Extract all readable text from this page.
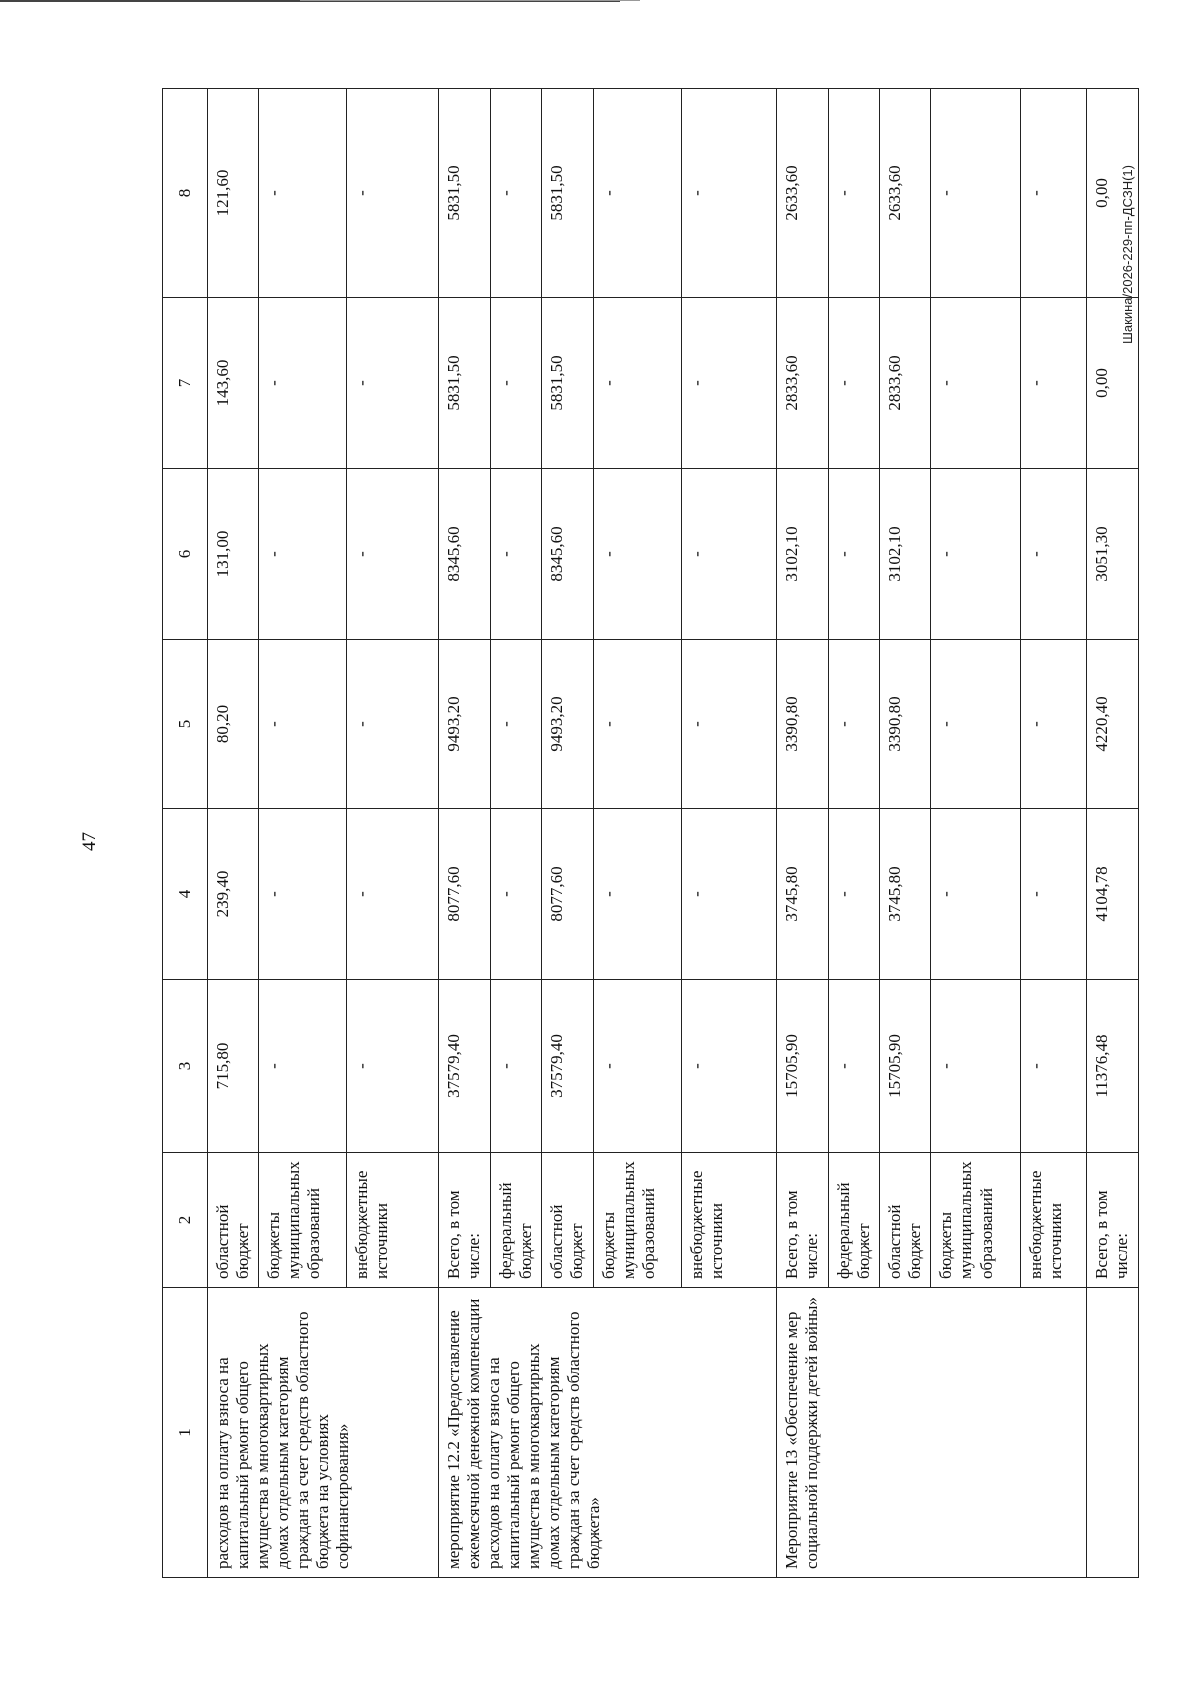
47
Шакина/2026-229-пп-ДСЗН(1)
1	2	3	4	5	6	7	8
расходов на оплату взноса на капитальный ремонт общего имущества в многоквартирных домах отдельным категориям граждан за счет средств областного бюджета на условиях софинансирования»	областной бюджет	715,80	239,40	80,20	131,00	143,60	121,60
	бюджеты муниципальных образований	-	-	-	-	-	-
	внебюджетные источники	-	-	-	-	-	-
мероприятие 12.2 «Предоставление ежемесячной денежной компенсации расходов на оплату взноса на капитальный ремонт общего имущества в многоквартирных домах отдельным категориям граждан за счет средств областного бюджета»	Всего, в том числе:	37579,40	8077,60	9493,20	8345,60	5831,50	5831,50
	федеральный бюджет	-	-	-	-	-	-
	областной бюджет	37579,40	8077,60	9493,20	8345,60	5831,50	5831,50
	бюджеты муниципальных образований	-	-	-	-	-	-
	внебюджетные источники	-	-	-	-	-	-
Мероприятие 13 «Обеспечение мер социальной поддержки детей войны»	Всего, в том числе:	15705,90	3745,80	3390,80	3102,10	2833,60	2633,60
	федеральный бюджет	-	-	-	-	-	-
	областной бюджет	15705,90	3745,80	3390,80	3102,10	2833,60	2633,60
	бюджеты муниципальных образований	-	-	-	-	-	-
	внебюджетные источники	-	-	-	-	-	-
	Всего, в том числе:	11376,48	4104,78	4220,40	3051,30	0,00	0,00
